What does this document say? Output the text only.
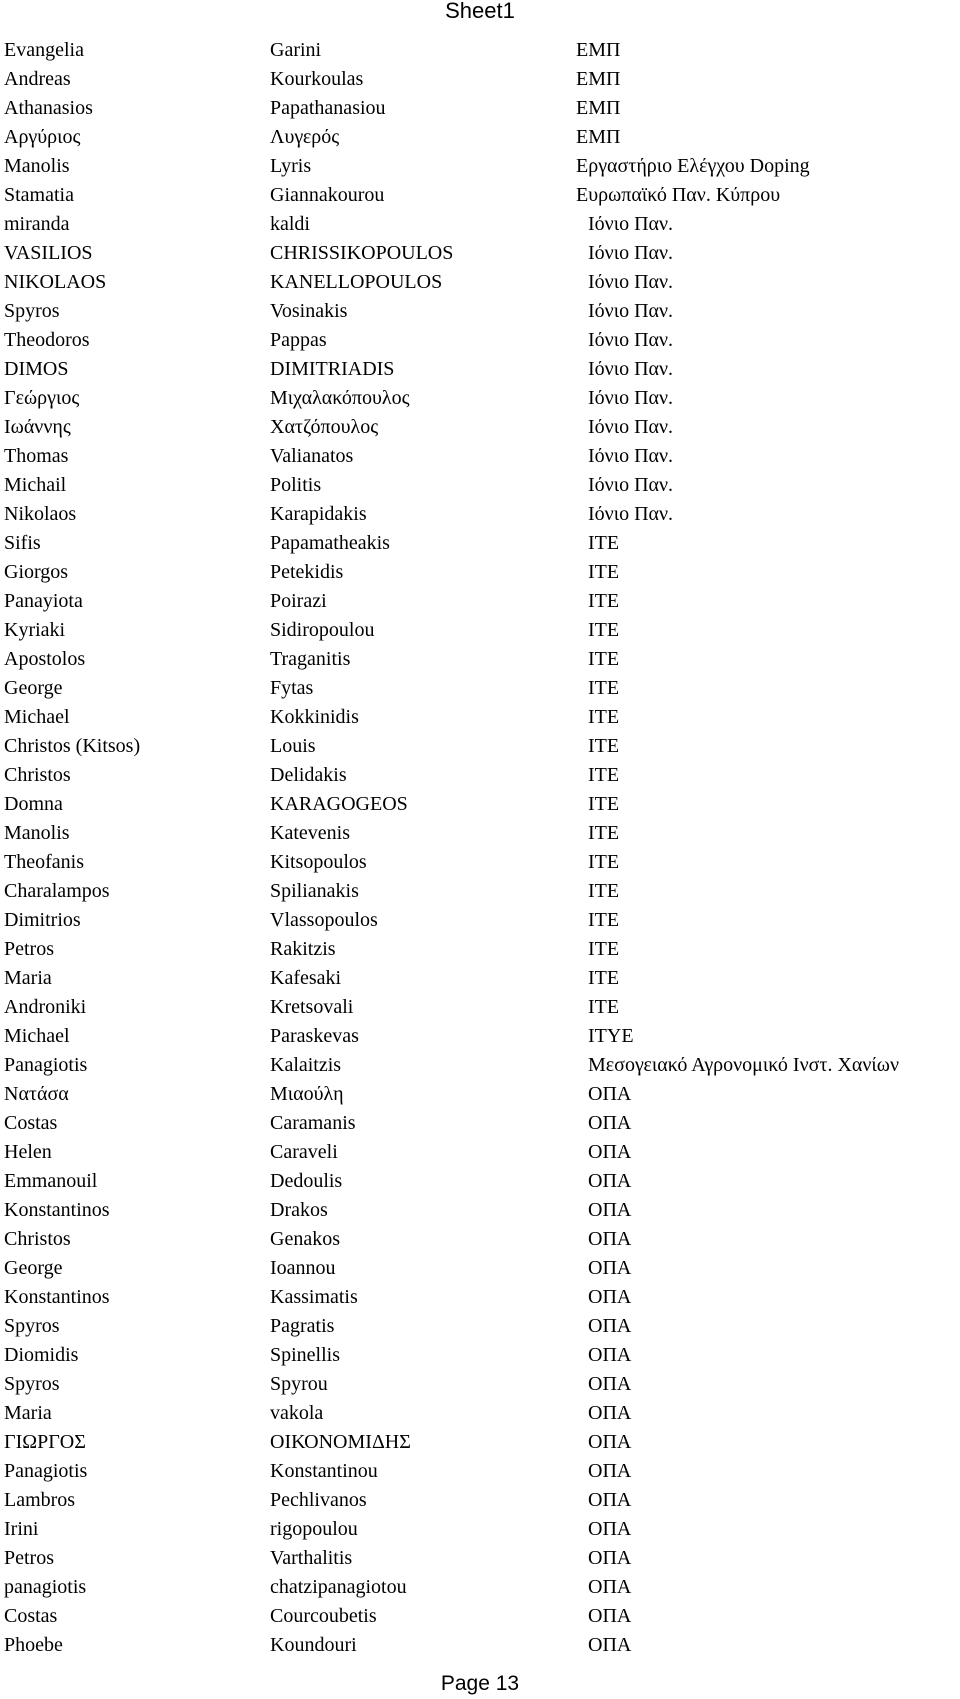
Sheet1
Evangelia	Garini	ΕΜΠ
Andreas	Kourkoulas	ΕΜΠ
Athanasios	Papathanasiou	ΕΜΠ
Αργύριος	Λυγερός	ΕΜΠ
Manolis	Lyris	Εργαστήριο Ελέγχου Doping
Stamatia	Giannakourou	Ευρωπαϊκό Παν. Κύπρου
miranda	kaldi	Ιόνιο Παν.
VASILIOS	CHRISSIKOPOULOS	Ιόνιο Παν.
NIKOLAOS	KANELLOPOULOS	Ιόνιο Παν.
Spyros	Vosinakis	Ιόνιο Παν.
Theodoros	Pappas	Ιόνιο Παν.
DIMOS	DIMITRIADIS	Ιόνιο Παν.
Γεώργιος	Μιχαλακόπουλος	Ιόνιο Παν.
Ιωάννης	Χατζόπουλος	Ιόνιο Παν.
Thomas	Valianatos	Ιόνιο Παν.
Michail	Politis	Ιόνιο Παν.
Nikolaos	Karapidakis	Ιόνιο Παν.
Sifis	Papamatheakis	ΙΤΕ
Giorgos	Petekidis	ΙΤΕ
Panayiota	Poirazi	ΙΤΕ
Kyriaki	Sidiropoulou	ΙΤΕ
Apostolos	Traganitis	ΙΤΕ
George	Fytas	ΙΤΕ
Michael	Kokkinidis	ΙΤΕ
Christos (Kitsos)	Louis	ΙΤΕ
Christos	Delidakis	ΙΤΕ
Domna	KARAGOGEOS	ΙΤΕ
Manolis	Katevenis	ΙΤΕ
Theofanis	Kitsopoulos	ΙΤΕ
Charalampos	Spilianakis	ΙΤΕ
Dimitrios	Vlassopoulos	ΙΤΕ
Petros	Rakitzis	ΙΤΕ
Maria	Kafesaki	ΙΤΕ
Androniki	Kretsovali	ΙΤΕ
Michael	Paraskevas	ΙΤΥΕ
Panagiotis	Kalaitzis	Μεσογειακό Αγρονομικό Ινστ. Χανίων
Νατάσα	Μιαούλη	ΟΠΑ
Costas	Caramanis	ΟΠΑ
Helen	Caraveli	ΟΠΑ
Emmanouil	Dedoulis	ΟΠΑ
Konstantinos	Drakos	ΟΠΑ
Christos	Genakos	ΟΠΑ
George	Ioannou	ΟΠΑ
Konstantinos	Kassimatis	ΟΠΑ
Spyros	Pagratis	ΟΠΑ
Diomidis	Spinellis	ΟΠΑ
Spyros	Spyrou	ΟΠΑ
Maria	vakola	ΟΠΑ
ΓΙΩΡΓΟΣ	ΟΙΚΟΝΟΜΙΔΗΣ	ΟΠΑ
Panagiotis	Konstantinou	ΟΠΑ
Lambros	Pechlivanos	ΟΠΑ
Irini	rigopoulou	ΟΠΑ
Petros	Varthalitis	ΟΠΑ
panagiotis	chatzipanagiotou	ΟΠΑ
Costas	Courcoubetis	ΟΠΑ
Phoebe	Koundouri	ΟΠΑ
Page 13
